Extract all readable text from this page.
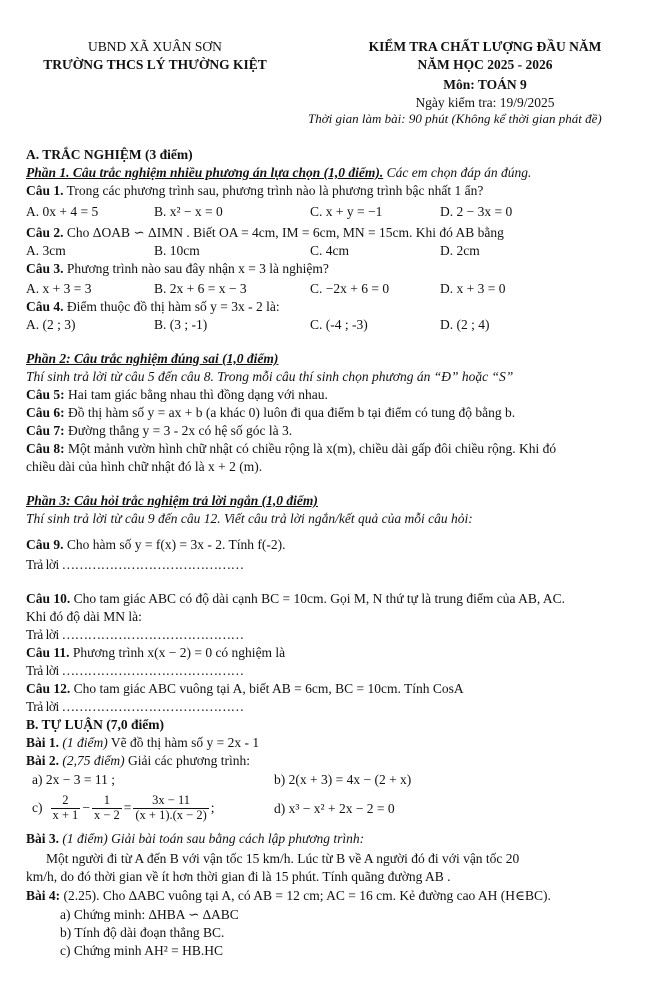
UBND XÃ XUÂN SƠN
TRƯỜNG THCS LÝ THƯỜNG KIỆT
KIỂM TRA CHẤT LƯỢNG ĐẦU NĂM
NĂM HỌC 2025 - 2026
Môn: TOÁN 9
Ngày kiểm tra: 19/9/2025
Thời gian làm bài: 90 phút (Không kể thời gian phát đề)
A. TRẮC NGHIỆM (3 điểm)
Phần 1. Câu trắc nghiệm nhiều phương án lựa chọn (1,0 điểm). Các em chọn đáp án đúng.
Câu 1. Trong các phương trình sau, phương trình nào là phương trình bậc nhất 1 ẩn?
A. 0x + 4 = 5	B. x² − x = 0	C. x + y = −1	D. 2 − 3x = 0
Câu 2. Cho ΔOAB ∽ ΔIMN . Biết OA = 4cm, IM = 6cm, MN = 15cm. Khi đó AB bằng
A. 3cm	B. 10cm	C. 4cm	D. 2cm
Câu 3. Phương trình nào sau đây nhận x = 3 là nghiệm?
A. x + 3 = 3	B. 2x + 6 = x − 3	C. −2x + 6 = 0	D. x + 3 = 0
Câu 4. Điểm thuộc đồ thị hàm số y = 3x - 2 là:
A. (2 ; 3)	B. (3 ; -1)	C. (-4 ; -3)	D. (2 ; 4)
Phần 2: Câu trắc nghiệm đúng sai (1,0 điểm)
Thí sinh trả lời từ câu 5 đến câu 8. Trong mỗi câu thí sinh chọn phương án “Đ” hoặc “S”
Câu 5: Hai tam giác bằng nhau thì đồng dạng với nhau.
Câu 6: Đồ thị hàm số y = ax + b (a khác 0) luôn đi qua điểm b tại điểm có tung độ bằng b.
Câu 7: Đường thẳng y = 3 - 2x có hệ số góc là 3.
Câu 8: Một mảnh vườn hình chữ nhật có chiều rộng là x(m), chiều dài gấp đôi chiều rộng. Khi đó
chiều dài của hình chữ nhật đó là x + 2 (m).
Phần 3: Câu hỏi trắc nghiệm trả lời ngắn (1,0 điểm)
Thí sinh trả lời từ câu 9 đến câu 12. Viết câu trả lời ngắn/kết quả của mỗi câu hỏi:
Câu 9. Cho hàm số y = f(x) = 3x - 2. Tính f(-2).
Trả lời ……………………………………
Câu 10. Cho tam giác ABC có độ dài cạnh BC = 10cm. Gọi M, N thứ tự là trung điểm của AB, AC.
Khi đó độ dài MN là:
Trả lời ……………………………………
Câu 11. Phương trình x(x − 2) = 0 có nghiệm là
Trả lời ……………………………………
Câu 12. Cho tam giác ABC vuông tại A, biết AB = 6cm, BC = 10cm. Tính CosA
Trả lời ……………………………………
B. TỰ LUẬN (7,0 điểm)
Bài 1. (1 điểm) Vẽ đồ thị hàm số y = 2x - 1
Bài 2. (2,75 điểm) Giải các phương trình:
a) 2x − 3 = 11 ;	b) 2(x + 3) = 4x − (2 + x)
$c) \frac{2}{x + 1} - \frac{1}{x - 2} = \frac{3x - 11}{(x + 1).(x - 2)}$ ;	d) x³ − x² + 2x − 2 = 0
Bài 3. (1 điểm) Giải bài toán sau bằng cách lập phương trình:
Một người đi từ A đến B với vận tốc 15 km/h. Lúc từ B về A người đó đi với vận tốc 20
km/h, do đó thời gian về ít hơn thời gian đi là 15 phút. Tính quãng đường AB .
Bài 4: (2.25). Cho ∆ABC vuông tại A, có AB = 12 cm; AC = 16 cm. Kẻ đường cao AH (H∈BC).
a) Chứng minh: ∆HBA ∽ ∆ABC
b) Tính độ dài đoạn thẳng BC.
c) Chứng minh AH² = HB.HC
